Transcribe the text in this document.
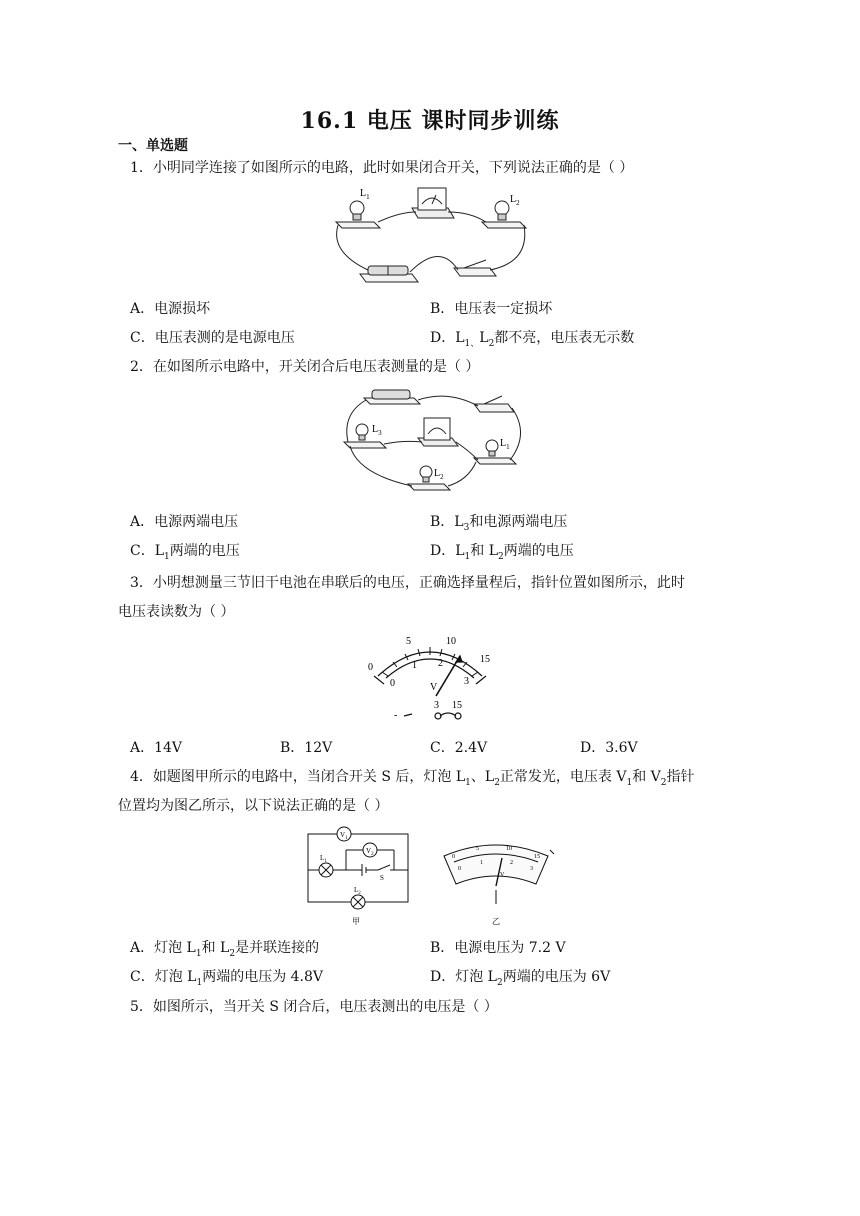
16.1 电压 课时同步训练
一、单选题
1．小明同学连接了如图所示的电路，此时如果闭合开关，下列说法正确的是（ ）
$L_1$	$L_2$
A．电源损坏	B．电压表一定损坏
C．电压表测的是电源电压	D．$L_{1、}L_2$都不亮，电压表无示数
2．在如图所示电路中，开关闭合后电压表测量的是（ ）
$L_3$
$L_1$
$L_2$
A．电源两端电压	B．$L_3$和电源两端电压
C．$L_1$两端的电压	D．$L_1$和 $L_2$两端的电压
3．小明想测量三节旧干电池在串联后的电压，正确选择量程后，指针位置如图所示，此时
电压表读数为（ ）
0
5	10
15
0
1 2
3
V
-
3 15
A．14V	B．12V	C．2.4V	D．3.6V
4．如题图甲所示的电路中，当闭合开关 S 后，灯泡 $L_1$、$L_2$正常发光，电压表 $V_1$和 $V_2$指针
位置均为图乙所示，以下说法正确的是（ ）
$V_1$
$V_2$
$L_1$
$L_2$
S
甲
0
5	10
15
0
1	2
3
V
乙
A．灯泡 $L_1$和 $L_2$是并联连接的	B．电源电压为 7.2 V
C．灯泡 $L_1$两端的电压为 4.8V	D．灯泡 $L_2$两端的电压为 6V
5．如图所示，当开关 S 闭合后，电压表测出的电压是（ ）
